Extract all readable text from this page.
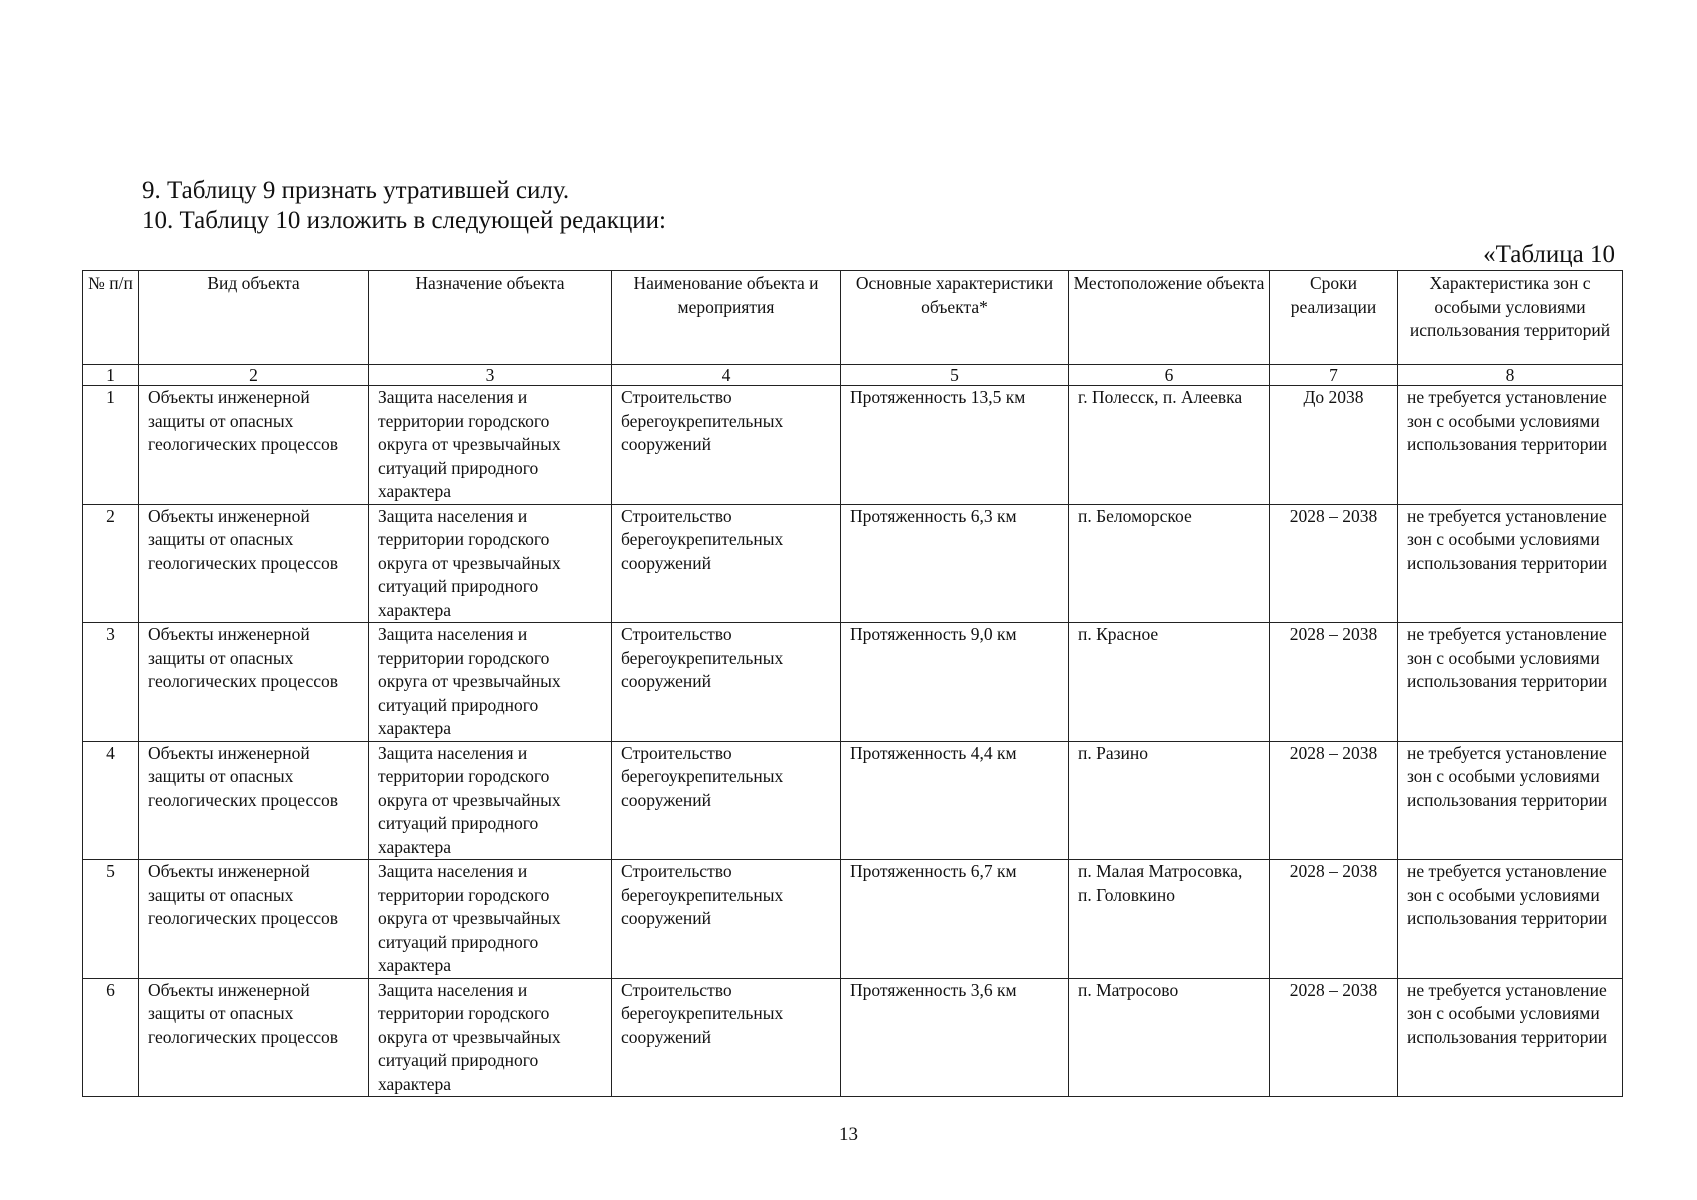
9. Таблицу 9 признать утратившей силу.
10. Таблицу 10 изложить в следующей редакции:
«Таблица 10
№ п/п	Вид объекта	Назначение объекта	Наименование объекта и мероприятия	Основные характеристики объекта*	Местоположение объекта	Сроки реализации	Характеристика зон с особыми условиями использования территорий
1	2	3	4	5	6	7	8
1	Объекты инженерной защиты от опасных геологических процессов	Защита населения и территории городского округа от чрезвычайных ситуаций природного характера	Строительство берегоукрепительных сооружений	Протяженность 13,5 км	г. Полесск, п. Алеевка	До 2038	не требуется установление зон с особыми условиями использования территории
2	Объекты инженерной защиты от опасных геологических процессов	Защита населения и территории городского округа от чрезвычайных ситуаций природного характера	Строительство берегоукрепительных сооружений	Протяженность 6,3 км	п. Беломорское	2028 – 2038	не требуется установление зон с особыми условиями использования территории
3	Объекты инженерной защиты от опасных геологических процессов	Защита населения и территории городского округа от чрезвычайных ситуаций природного характера	Строительство берегоукрепительных сооружений	Протяженность 9,0 км	п. Красное	2028 – 2038	не требуется установление зон с особыми условиями использования территории
4	Объекты инженерной защиты от опасных геологических процессов	Защита населения и территории городского округа от чрезвычайных ситуаций природного характера	Строительство берегоукрепительных сооружений	Протяженность 4,4 км	п. Разино	2028 – 2038	не требуется установление зон с особыми условиями использования территории
5	Объекты инженерной защиты от опасных геологических процессов	Защита населения и территории городского округа от чрезвычайных ситуаций природного характера	Строительство берегоукрепительных сооружений	Протяженность 6,7 км	п. Малая Матросовка, п. Головкино	2028 – 2038	не требуется установление зон с особыми условиями использования территории
6	Объекты инженерной защиты от опасных геологических процессов	Защита населения и территории городского округа от чрезвычайных ситуаций природного характера	Строительство берегоукрепительных сооружений	Протяженность 3,6 км	п. Матросово	2028 – 2038	не требуется установление зон с особыми условиями использования территории
13
